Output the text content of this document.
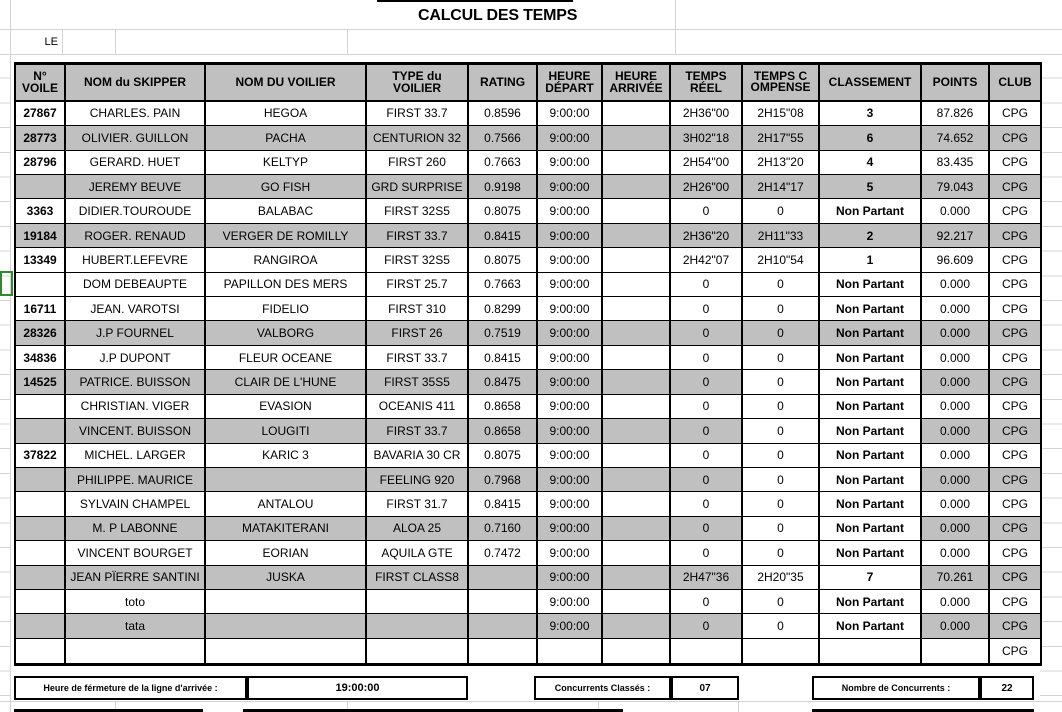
CALCUL DES TEMPS
LE
N° VOILE	NOM du SKIPPER	NOM DU VOILIER	TYPE du VOILIER	RATING	HEURE DÉPART	HEURE ARRIVÉE	TEMPS RÉEL	TEMPS COMPENSE	CLASSEMENT	POINTS	CLUB
27867	CHARLES. PAIN	HEGOA	FIRST 33.7	0.8596	9:00:00		2H36"00	2H15"08	3	87.826	CPG
28773	OLIVIER. GUILLON	PACHA	CENTURION 32	0.7566	9:00:00		3H02"18	2H17"55	6	74.652	CPG
28796	GERARD. HUET	KELTYP	FIRST 260	0.7663	9:00:00		2H54"00	2H13"20	4	83.435	CPG
	JEREMY BEUVE	GO FISH	GRD SURPRISE	0.9198	9:00:00		2H26"00	2H14"17	5	79.043	CPG
3363	DIDIER.TOUROUDE	BALABAC	FIRST 32S5	0.8075	9:00:00		0	0	Non Partant	0.000	CPG
19184	ROGER. RENAUD	VERGER DE ROMILLY	FIRST 33.7	0.8415	9:00:00		2H36"20	2H11"33	2	92.217	CPG
13349	HUBERT.LEFEVRE	RANGIROA	FIRST 32S5	0.8075	9:00:00		2H42"07	2H10"54	1	96.609	CPG
	DOM DEBEAUPTE	PAPILLON DES MERS	FIRST 25.7	0.7663	9:00:00		0	0	Non Partant	0.000	CPG
16711	JEAN. VAROTSI	FIDELIO	FIRST 310	0.8299	9:00:00		0	0	Non Partant	0.000	CPG
28326	J.P FOURNEL	VALBORG	FIRST 26	0.7519	9:00:00		0	0	Non Partant	0.000	CPG
34836	J.P DUPONT	FLEUR OCEANE	FIRST 33.7	0.8415	9:00:00		0	0	Non Partant	0.000	CPG
14525	PATRICE. BUISSON	CLAIR DE L'HUNE	FIRST 35S5	0.8475	9:00:00		0	0	Non Partant	0.000	CPG
	CHRISTIAN. VIGER	EVASION	OCEANIS 411	0.8658	9:00:00		0	0	Non Partant	0.000	CPG
	VINCENT. BUISSON	LOUGITI	FIRST 33.7	0.8658	9:00:00		0	0	Non Partant	0.000	CPG
37822	MICHEL. LARGER	KARIC 3	BAVARIA 30 CR	0.8075	9:00:00		0	0	Non Partant	0.000	CPG
	PHILIPPE. MAURICE		FEELING 920	0.7968	9:00:00		0	0	Non Partant	0.000	CPG
	SYLVAIN CHAMPEL	ANTALOU	FIRST 31.7	0.8415	9:00:00		0	0	Non Partant	0.000	CPG
	M. P LABONNE	MATAKITERANI	ALOA 25	0.7160	9:00:00		0	0	Non Partant	0.000	CPG
	VINCENT BOURGET	EORIAN	AQUILA GTE	0.7472	9:00:00		0	0	Non Partant	0.000	CPG
	JEAN PÏERRE SANTINI	JUSKA	FIRST CLASS8		9:00:00		2H47"36	2H20"35	7	70.261	CPG
	toto				9:00:00		0	0	Non Partant	0.000	CPG
	tata				9:00:00		0	0	Non Partant	0.000	CPG
											CPG
Heure de férmeture de la ligne d'arrivée :	19:00:00	Concurrents Classés :	07	Nombre de Concurrents :	22
